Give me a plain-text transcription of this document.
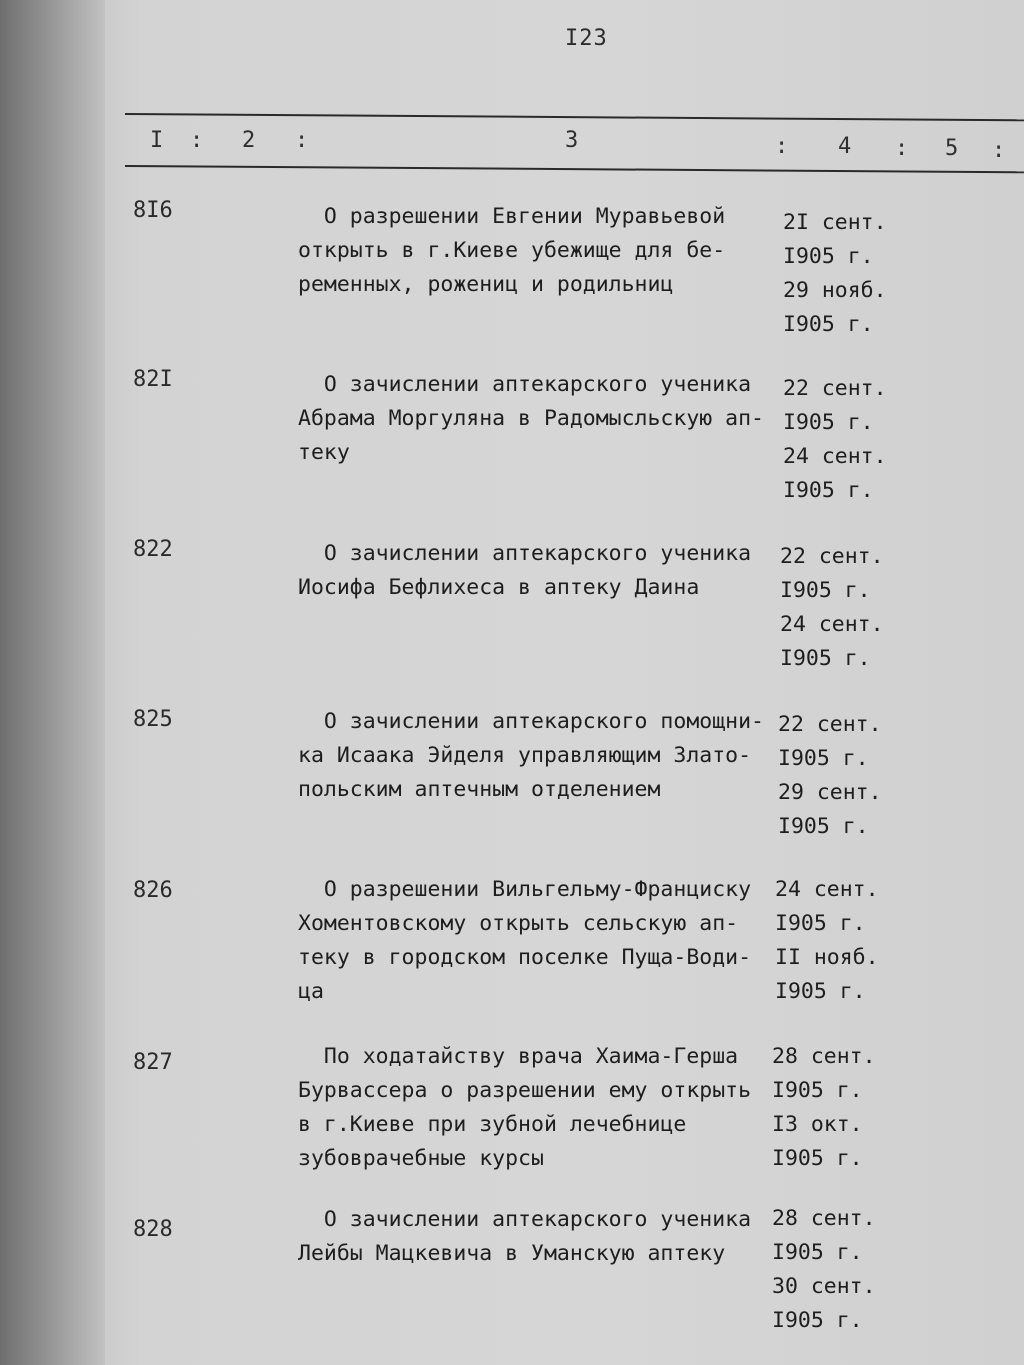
I23
I : 2 :	3	: 4 : 5 :
8I6	О разрешении Евгении Муравьевой
открыть в г.Киеве убежище для бе-
ременных, рожениц и родильниц
2I сент.
I905 г.
29 нояб.
I905 г.
82I	О зачислении аптекарского ученика
Абрама Моргуляна в Радомысльскую ап-
теку
22 сент.
I905 г.
24 сент.
I905 г.
822	О зачислении аптекарского ученика
Иосифа Бефлихеса в аптеку Даина
22 сент.
I905 г.
24 сент.
I905 г.
825	О зачислении аптекарского помощни-
ка Исаака Эйделя управляющим Злато-
польским аптечным отделением
22 сент.
I905 г.
29 сент.
I905 г.
826	О разрешении Вильгельму-Франциску
Хоментовскому открыть сельскую ап-
теку в городском поселке Пуща-Води-
ца
24 сент.
I905 г.
II нояб.
I905 г.
827	По ходатайству врача Хаима-Герша
Бурвассера о разрешении ему открыть
в г.Киеве при зубной лечебнице
зубоврачебные курсы
28 сент.
I905 г.
I3 окт.
I905 г.
828	О зачислении аптекарского ученика
Лейбы Мацкевича в Уманскую аптеку
28 сент.
I905 г.
30 сент.
I905 г.
